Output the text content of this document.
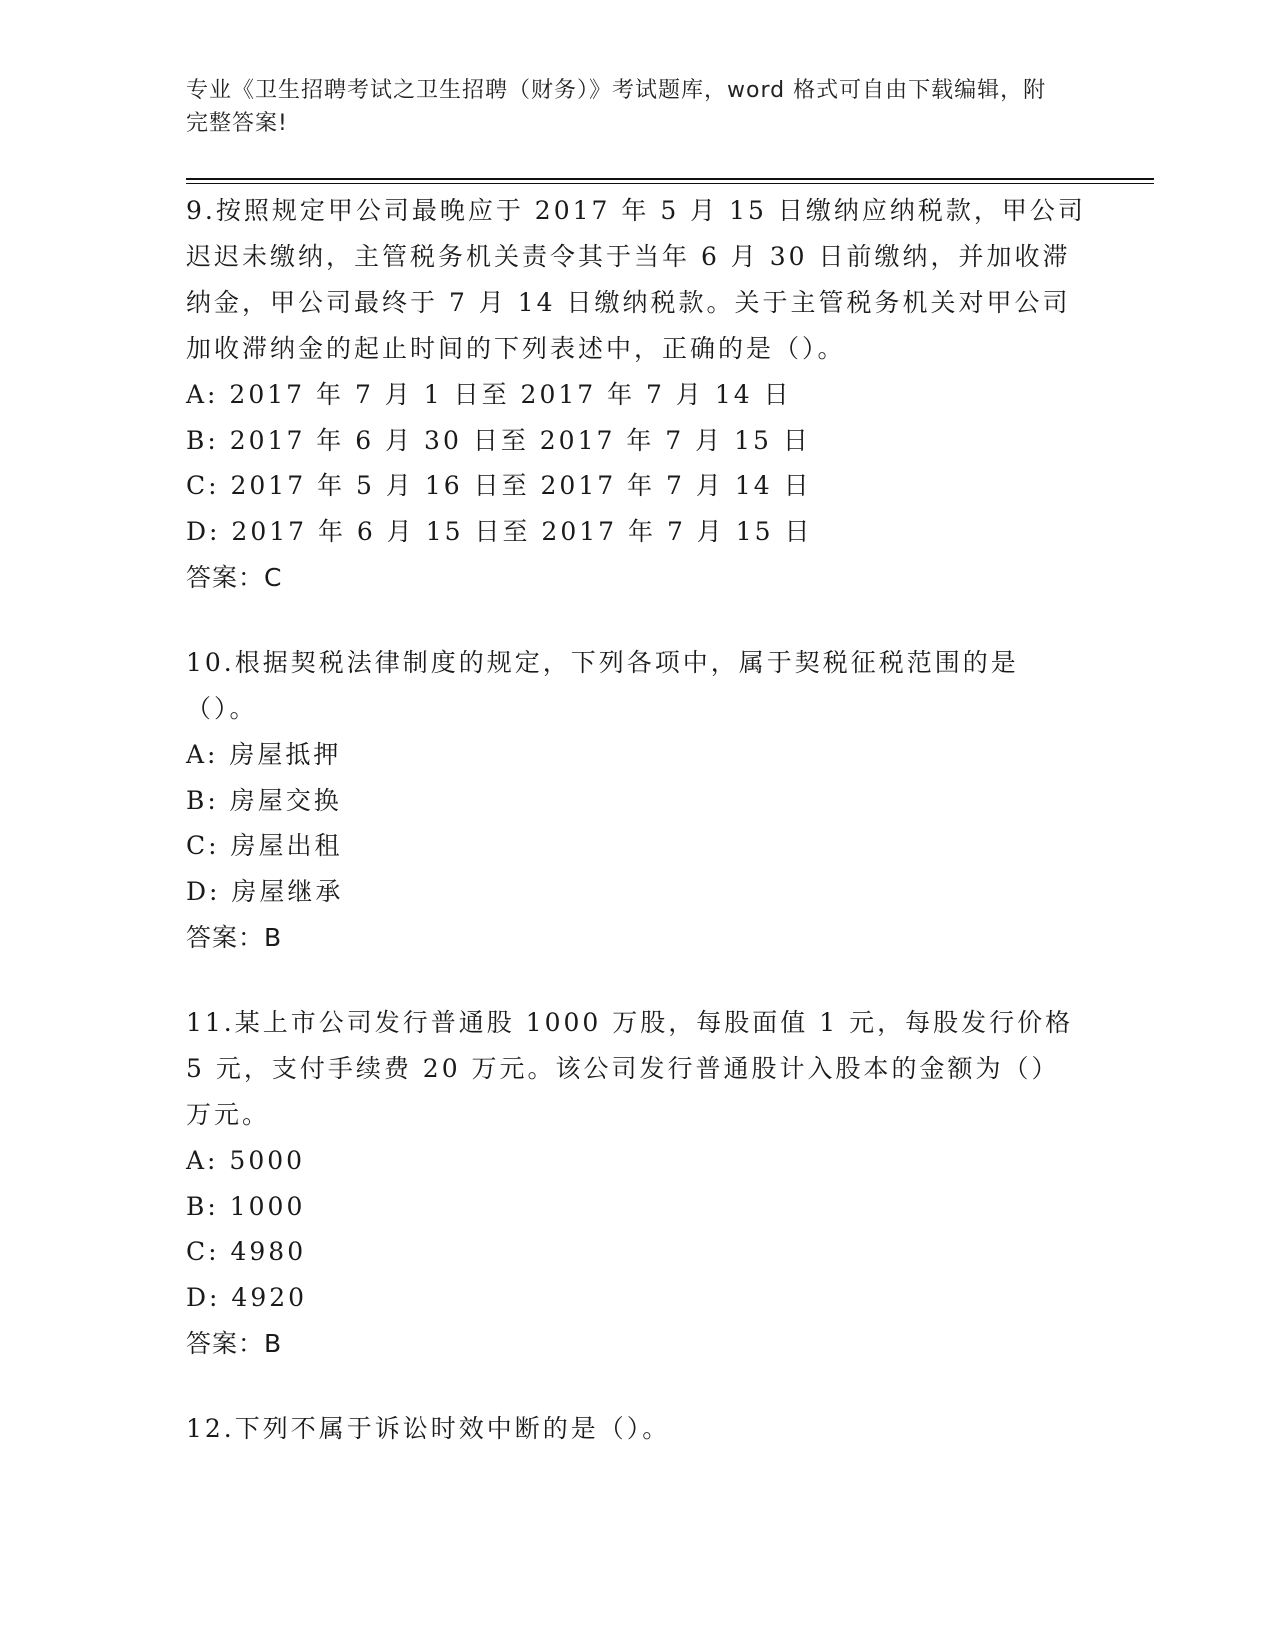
专业《卫生招聘考试之卫生招聘（财务）》考试题库，word 格式可自由下载编辑，附完整答案!

9.按照规定甲公司最晚应于 2017 年 5 月 15 日缴纳应纳税款，甲公司迟迟未缴纳，主管税务机关责令其于当年 6 月 30 日前缴纳，并加收滞纳金，甲公司最终于 7 月 14 日缴纳税款。关于主管税务机关对甲公司加收滞纳金的起止时间的下列表述中，正确的是（）。

A: 2017 年 7 月 1 日至 2017 年 7 月 14 日
B: 2017 年 6 月 30 日至 2017 年 7 月 15 日
C: 2017 年 5 月 16 日至 2017 年 7 月 14 日
D: 2017 年 6 月 15 日至 2017 年 7 月 15 日
答案：C

10.根据契税法律制度的规定，下列各项中，属于契税征税范围的是（）。

A: 房屋抵押
B: 房屋交换
C: 房屋出租
D: 房屋继承
答案：B

11.某上市公司发行普通股 1000 万股，每股面值 1 元，每股发行价格 5 元，支付手续费 20 万元。该公司发行普通股计入股本的金额为（）万元。

A: 5000
B: 1000
C: 4980
D: 4920
答案：B

12.下列不属于诉讼时效中断的是（）。
